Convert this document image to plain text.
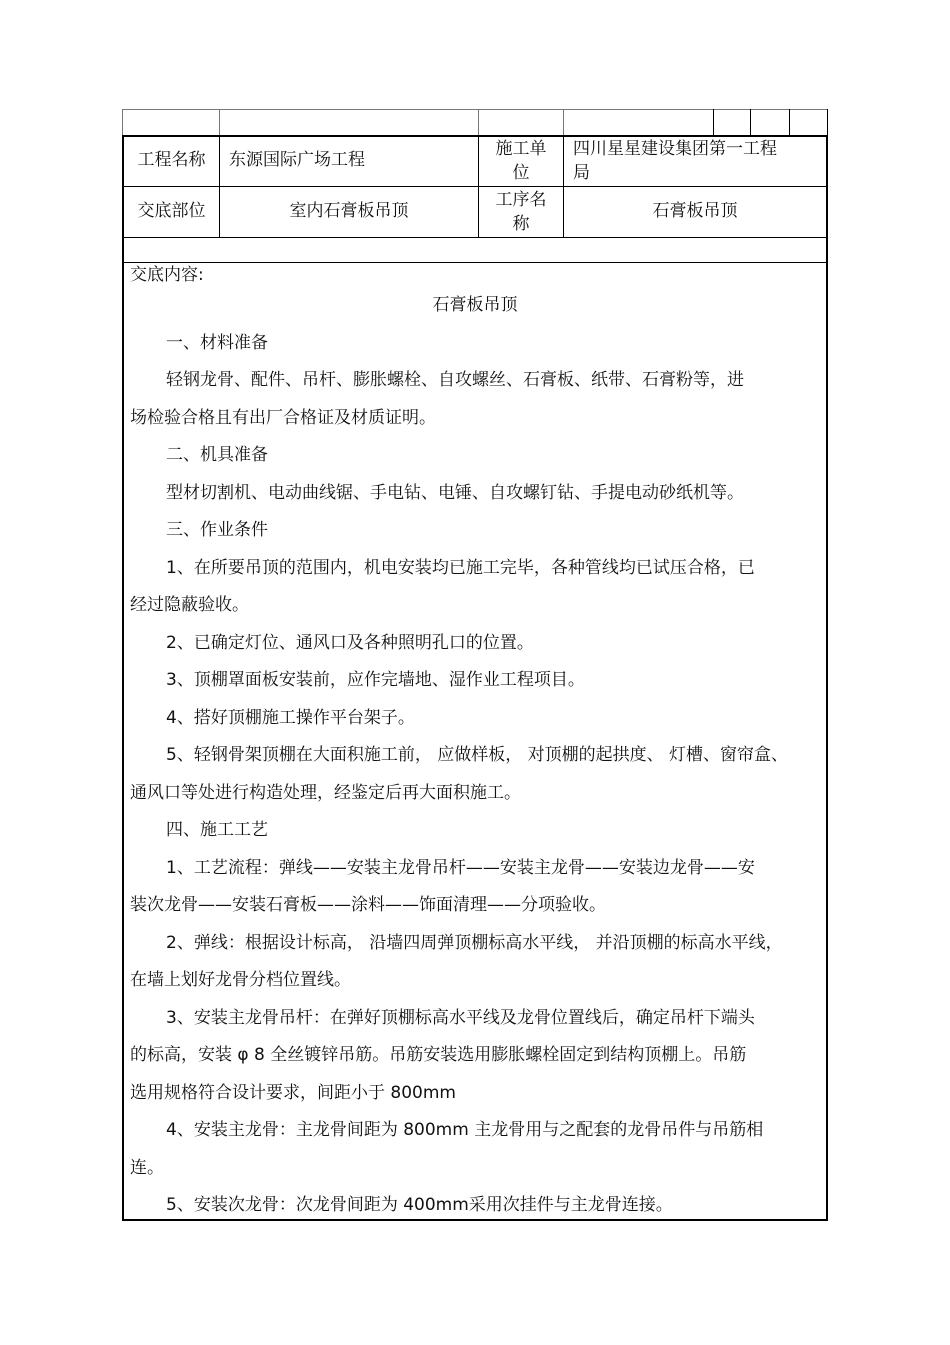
工程名称	东源国际广场工程
施工单
位
四川星星建设集团第一工程
局
交底部位	室内石膏板吊顶
工序名
称
石膏板吊顶
交底内容:

石膏板吊顶

一、材料准备

轻钢龙骨、配件、吊杆、膨胀螺栓、自攻螺丝、石膏板、纸带、石膏粉等，进

场检验合格且有出厂合格证及材质证明。

二、机具准备

型材切割机、电动曲线锯、手电钻、电锤、自攻螺钉钻、手提电动砂纸机等。

三、作业条件

1、在所要吊顶的范围内，机电安装均已施工完毕，各种管线均已试压合格，已

经过隐蔽验收。

2、已确定灯位、通风口及各种照明孔口的位置。

3、顶棚罩面板安装前，应作完墙地、湿作业工程项目。

4、搭好顶棚施工操作平台架子。

5、轻钢骨架顶棚在大面积施工前， 应做样板， 对顶棚的起拱度、 灯槽、窗帘盒、

通风口等处进行构造处理，经鉴定后再大面积施工。

四、施工工艺

1、工艺流程：弹线——安装主龙骨吊杆——安装主龙骨——安装边龙骨——安

装次龙骨——安装石膏板——涂料——饰面清理——分项验收。

2、弹线：根据设计标高， 沿墙四周弹顶棚标高水平线， 并沿顶棚的标高水平线，

在墙上划好龙骨分档位置线。

3、安装主龙骨吊杆：在弹好顶棚标高水平线及龙骨位置线后，确定吊杆下端头

的标高，安装 φ 8 全丝镀锌吊筋。吊筋安装选用膨胀螺栓固定到结构顶棚上。吊筋

选用规格符合设计要求，间距小于 800mm

4、安装主龙骨：主龙骨间距为 800mm 主龙骨用与之配套的龙骨吊件与吊筋相

连。

5、安装次龙骨：次龙骨间距为 400mm采用次挂件与主龙骨连接。
